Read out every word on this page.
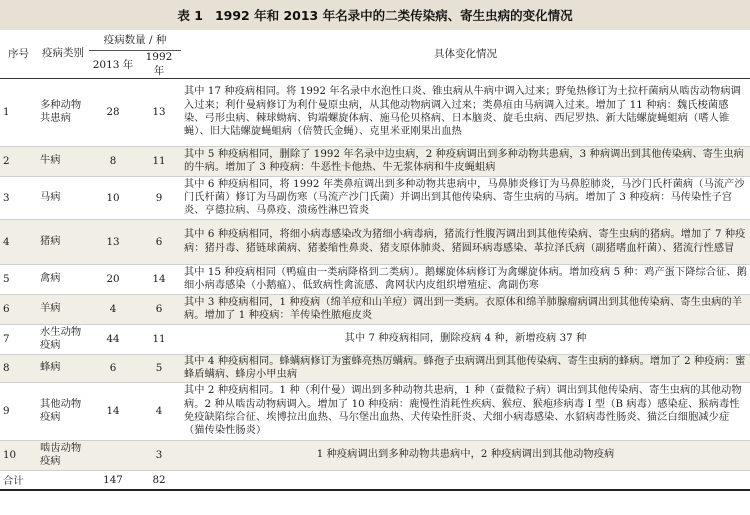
表 1 1992 年和 2013 年名录中的二类传染病、寄生虫病的变化情况
序号	疫病类别	疫病数量 / 种		具体变化情况
		2013 年	1992 年	
1	多种动物共患病	28	13	其中 17 种疫病相同。将 1992 年名录中水泡性口炎、锥虫病从牛病中调入过来；野兔热修订为土拉杆菌病从啮齿动物病调入过来；利什曼病修订为利什曼原虫病，从其他动物病调入过来；类鼻疽由马病调入过来。增加了 11 种病：魏氏梭菌感染、弓形虫病、棘球蚴病、钩端螺旋体病、施马伦贝格病、日本脑炎、旋毛虫病、西尼罗热、新大陆螺旋蝇蛆病（嗜人锥蝇）、旧大陆螺旋蝇蛆病（倍赞氏金蝇）、克里米亚刚果出血热
2	牛病	8	11	其中 5 种疫病相同，删除了 1992 年名录中边虫病，2 种疫病调出到多种动物共患病，3 种病调出到其他传染病、寄生虫病的牛病。增加了 3 种疫病：牛恶性卡他热、牛无浆体病和牛皮蝇蛆病
3	马病	10	9	其中 6 种疫病相同，将 1992 年类鼻疽调出到多种动物共患病中，马鼻肺炎修订为马鼻腔肺炎，马沙门氏杆菌病（马流产沙门氏杆菌）修订为马副伤寒（马流产沙门氏菌）并调出到其他传染病、寄生虫病的马病。增加了 3 种疫病：马传染性子宫炎、亨德拉病、马鼻疫、溃疡性淋巴管炎
4	猪病	13	6	其中 6 种疫病相同，将细小病毒感染改为猪细小病毒病，猪流行性腹泻调出到其他传染病、寄生虫病的猪病。增加了 7 种疫病：猪丹毒、猪链球菌病、猪萎缩性鼻炎、猪支原体肺炎、猪圆环病毒感染、革拉泽氏病（副猪嗜血杆菌）、猪流行性感冒
5	禽病	20	14	其中 15 种疫病相同（鸭瘟由一类病降格到二类病）。鹅螺旋体病修订为禽螺旋体病。增加疫病 5 种：鸡产蛋下降综合征、鹅细小病毒感染（小鹅瘟）、低致病性禽流感、禽网状内皮组织增殖症、禽副伤寒
6	羊病	4	6	其中 3 种疫病相同，1 种疫病（绵羊痘和山羊痘）调出到一类病。衣原体和绵羊肺腺瘤病调出到其他传染病、寄生虫病的羊病。增加了 1 种疫病：羊传染性脓疱皮炎
7	水生动物疫病	44	11	其中 7 种疫病相同，删除疫病 4 种，新增疫病 37 种
8	蜂病	6	5	其中 4 种疫病相同。蜂螨病修订为蜜蜂亮热厉螨病。蜂孢子虫病调出到其他传染病、寄生虫病的蜂病。增加了 2 种疫病：蜜蜂盾螨病、蜂房小甲虫病
9	其他动物疫病	14	4	其中 2 种疫病相同。1 种（利什曼）调出到多种动物共患病，1 种（蚕微粒子病）调出到其他传染病、寄生虫病的其他动物病。2 种从啮齿动物病调入。增加了 10 种疫病：鹿慢性消耗性疾病、猴痘、猴疱疹病毒 I 型（B 病毒）感染症、猴病毒性免疫缺陷综合征、埃博拉出血热、马尔堡出血热、犬传染性肝炎、犬细小病毒感染、水貂病毒性肠炎、猫泛白细胞减少症（猫传染性肠炎）
10	啮齿动物疫病		3	1 种疫病调出到多种动物共患病中，2 种疫病调出到其他动物疫病
合计		147	82	
